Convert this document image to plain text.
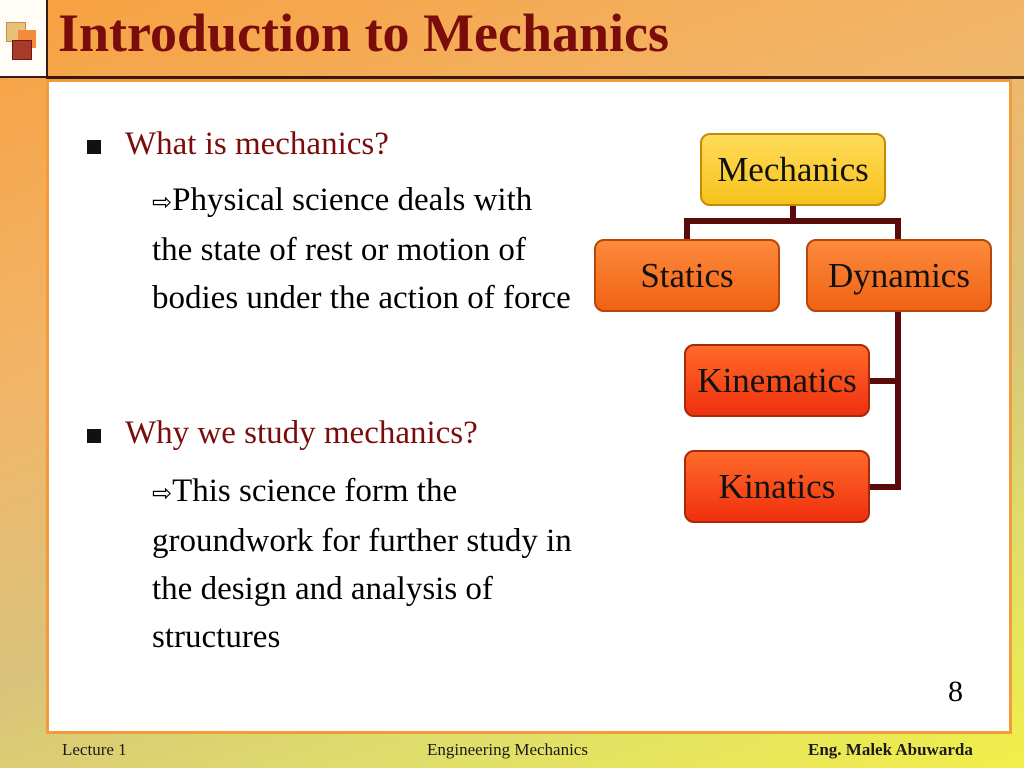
Introduction to Mechanics
What is mechanics?
⇨Physical science deals with the state of rest or motion of bodies under the action of force
Why we study mechanics?
⇨This science form the groundwork for further study in the design and analysis of structures
Mechanics
Statics	Dynamics
Kinematics
Kinatics
8
Lecture 1	Engineering Mechanics	Eng. Malek Abuwarda
